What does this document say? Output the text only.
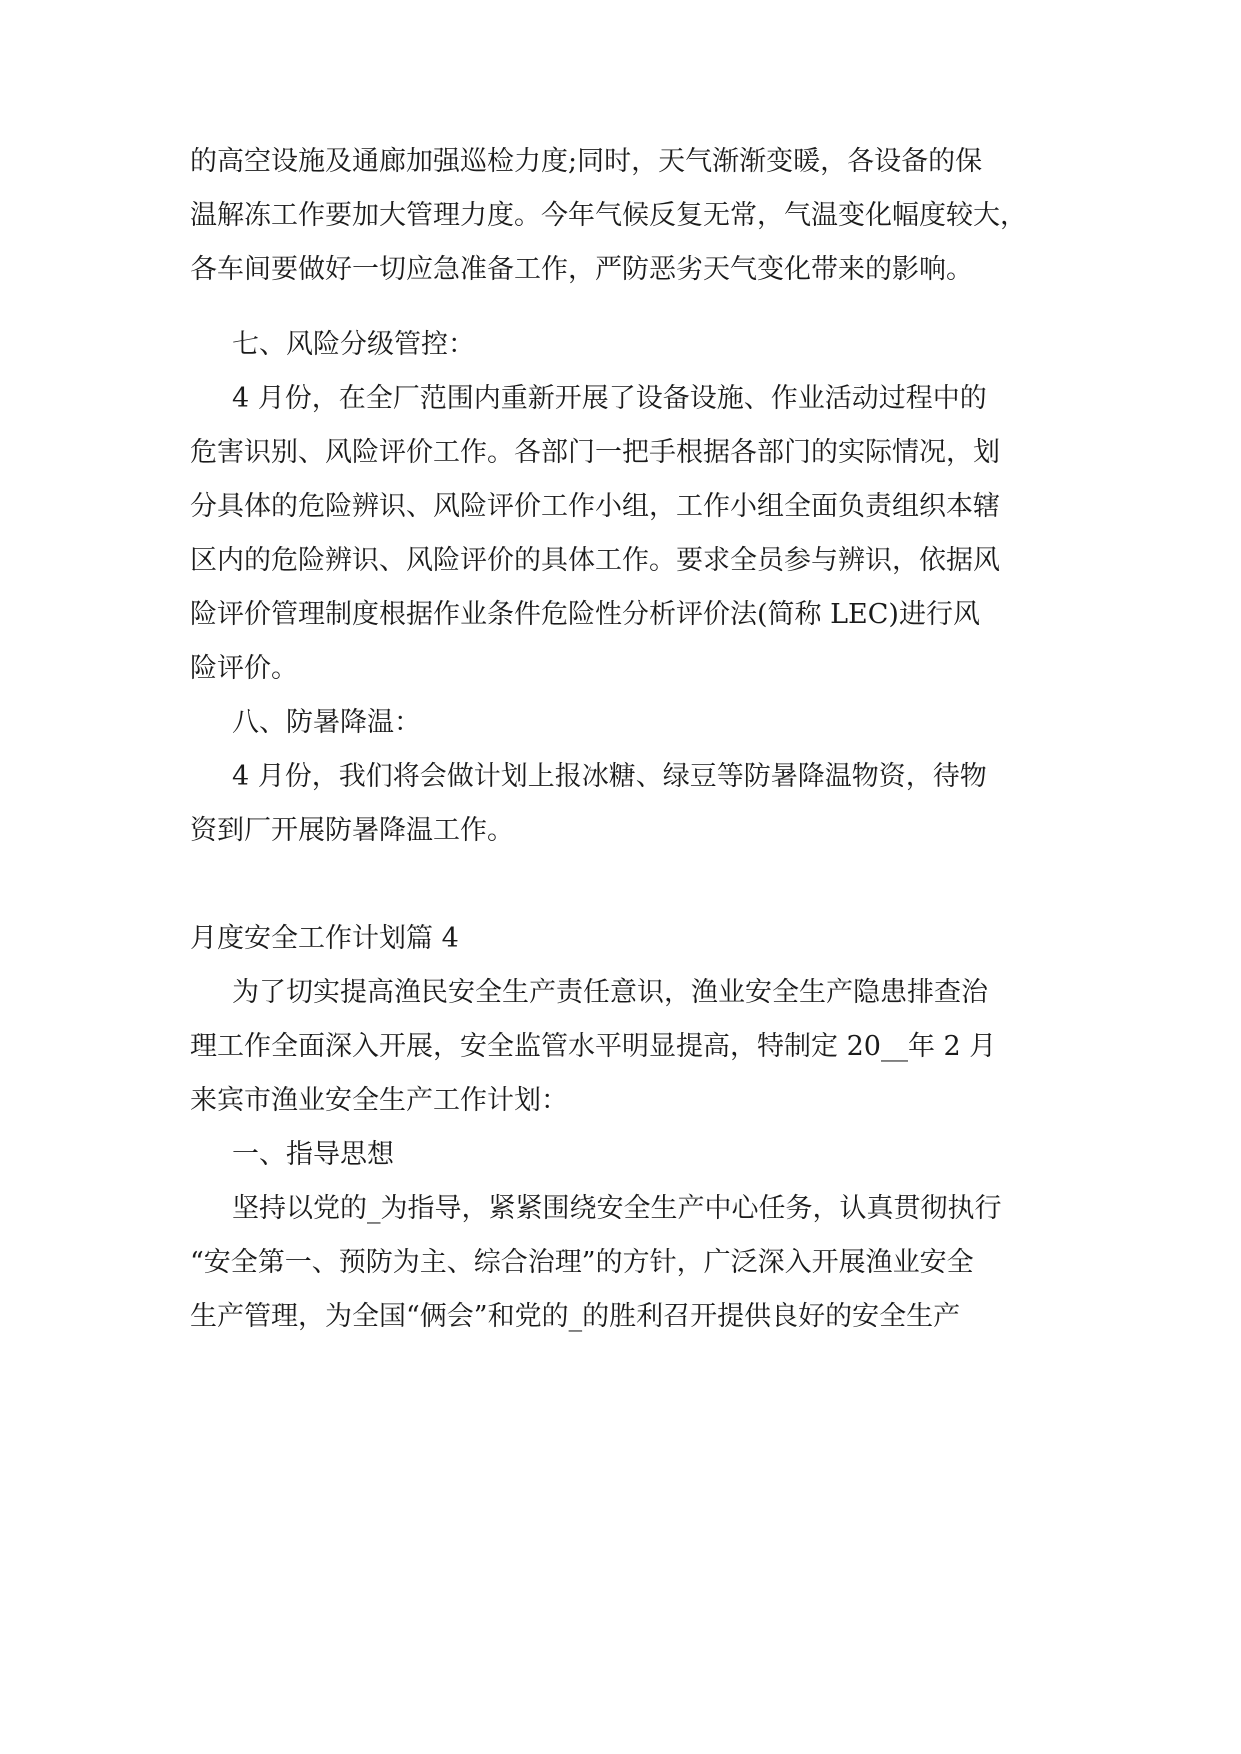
的高空设施及通廊加强巡检力度;同时，天气渐渐变暖，各设备的保

温解冻工作要加大管理力度。今年气候反复无常，气温变化幅度较大，

各车间要做好一切应急准备工作，严防恶劣天气变化带来的影响。

七、风险分级管控：

4 月份，在全厂范围内重新开展了设备设施、作业活动过程中的

危害识别、风险评价工作。各部门一把手根据各部门的实际情况，划

分具体的危险辨识、风险评价工作小组，工作小组全面负责组织本辖

区内的危险辨识、风险评价的具体工作。要求全员参与辨识，依据风

险评价管理制度根据作业条件危险性分析评价法(简称 LEC)进行风

险评价。

八、防暑降温：

4 月份，我们将会做计划上报冰糖、绿豆等防暑降温物资，待物

资到厂开展防暑降温工作。

月度安全工作计划篇 4

为了切实提高渔民安全生产责任意识，渔业安全生产隐患排查治

理工作全面深入开展，安全监管水平明显提高，特制定 20__年 2 月

来宾市渔业安全生产工作计划：

一、指导思想

坚持以党的_为指导，紧紧围绕安全生产中心任务，认真贯彻执行

“安全第一、预防为主、综合治理”的方针，广泛深入开展渔业安全

生产管理，为全国“俩会”和党的_的胜利召开提供良好的安全生产
